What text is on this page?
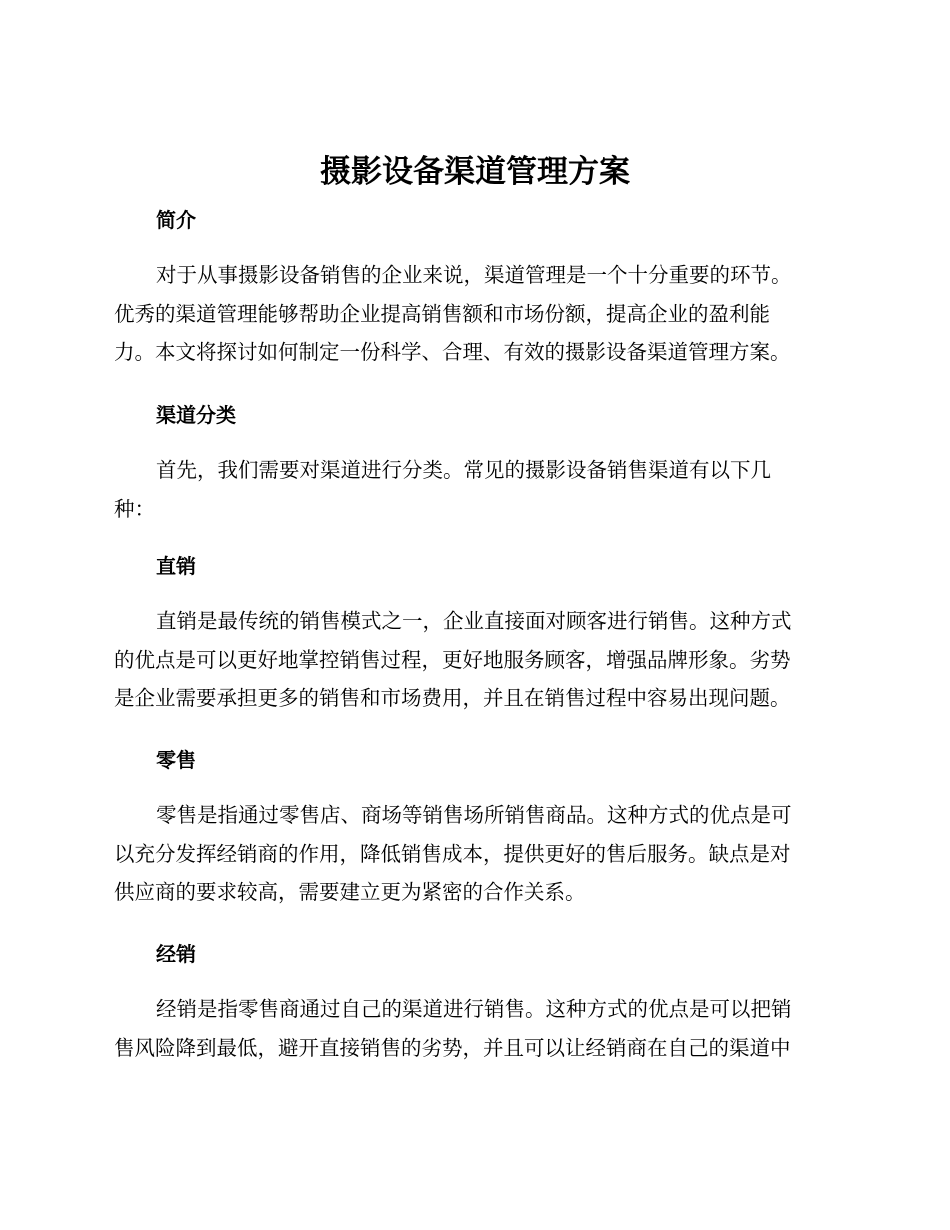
摄影设备渠道管理方案
简介
对于从事摄影设备销售的企业来说，渠道管理是一个十分重要的环节。
优秀的渠道管理能够帮助企业提高销售额和市场份额，提高企业的盈利能
力。本文将探讨如何制定一份科学、合理、有效的摄影设备渠道管理方案。
渠道分类
首先，我们需要对渠道进行分类。常见的摄影设备销售渠道有以下几
种：
直销
直销是最传统的销售模式之一，企业直接面对顾客进行销售。这种方式
的优点是可以更好地掌控销售过程，更好地服务顾客，增强品牌形象。劣势
是企业需要承担更多的销售和市场费用，并且在销售过程中容易出现问题。
零售
零售是指通过零售店、商场等销售场所销售商品。这种方式的优点是可
以充分发挥经销商的作用，降低销售成本，提供更好的售后服务。缺点是对
供应商的要求较高，需要建立更为紧密的合作关系。
经销
经销是指零售商通过自己的渠道进行销售。这种方式的优点是可以把销
售风险降到最低，避开直接销售的劣势，并且可以让经销商在自己的渠道中
